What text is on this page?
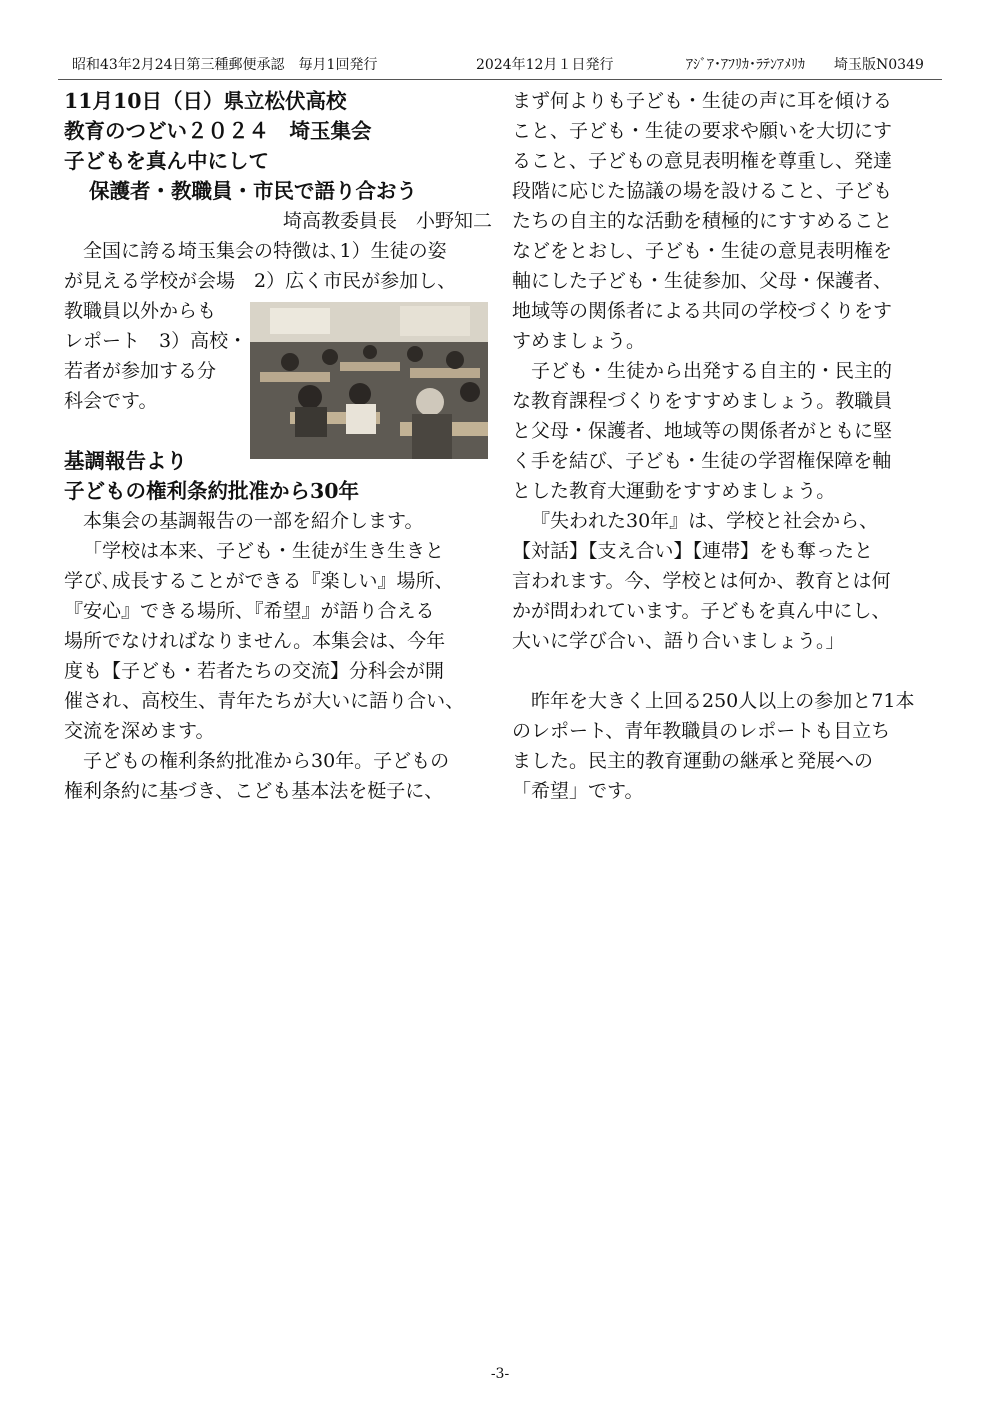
昭和43年2月24日第三種郵便承認　毎月1回発行	2024年12月１日発行	ｱｼﾞｱ･ｱﾌﾘｶ･ﾗﾃﾝｱﾒﾘｶ 埼玉版N0349
11月10日（日）県立松伏高校
教育のつどい２０２４　埼玉集会
子どもを真ん中にして
保護者・教職員・市民で語り合おう
埼高教委員長　小野知二
全国に誇る埼玉集会の特徴は､1）生徒の姿
が見える学校が会場　2）広く市民が参加し、
教職員以外からも
レポート　3）高校・
若者が参加する分
科会です。
基調報告より
子どもの権利条約批准から30年
本集会の基調報告の一部を紹介します。
「学校は本来、子ども・生徒が生き生きと
学び､成長することができる『楽しい』場所、
『安心』できる場所、『希望』が語り合える
場所でなければなりません。本集会は、今年
度も【子ども・若者たちの交流】分科会が開
催され、高校生、青年たちが大いに語り合い、
交流を深めます。
子どもの権利条約批准から30年。子どもの
権利条約に基づき、こども基本法を梃子に、
まず何よりも子ども・生徒の声に耳を傾ける
こと、子ども・生徒の要求や願いを大切にす
ること、子どもの意見表明権を尊重し、発達
段階に応じた協議の場を設けること、子ども
たちの自主的な活動を積極的にすすめること
などをとおし、子ども・生徒の意見表明権を
軸にした子ども・生徒参加、父母・保護者、
地域等の関係者による共同の学校づくりをす
すめましょう。
子ども・生徒から出発する自主的・民主的
な教育課程づくりをすすめましょう。教職員
と父母・保護者、地域等の関係者がともに堅
く手を結び、子ども・生徒の学習権保障を軸
とした教育大運動をすすめましょう。
『失われた30年』は、学校と社会から、
【対話】【支え合い】【連帯】をも奪ったと
言われます。今、学校とは何か、教育とは何
かが問われています。子どもを真ん中にし、
大いに学び合い、語り合いましょう。」
昨年を大きく上回る250人以上の参加と71本
のレポート、青年教職員のレポートも目立ち
ました。民主的教育運動の継承と発展への
「希望」です。
-3-
